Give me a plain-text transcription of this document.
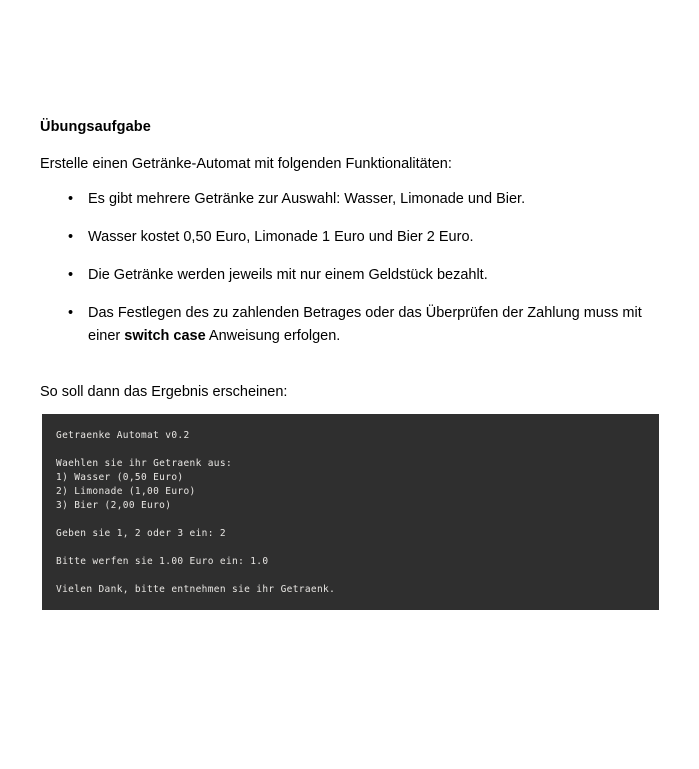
Übungsaufgabe
Erstelle einen Getränke-Automat mit folgenden Funktionalitäten:
• Es gibt mehrere Getränke zur Auswahl: Wasser, Limonade und Bier.
• Wasser kostet 0,50 Euro, Limonade 1 Euro und Bier 2 Euro.
• Die Getränke werden jeweils mit nur einem Geldstück bezahlt.
• Das Festlegen des zu zahlenden Betrages oder das Überprüfen der Zahlung muss mit einer switch case Anweisung erfolgen.
So soll dann das Ergebnis erscheinen:
Getraenke Automat v0.2
Waehlen sie ihr Getraenk aus:
1) Wasser (0,50 Euro)
2) Limonade (1,00 Euro)
3) Bier (2,00 Euro)
Geben sie 1, 2 oder 3 ein: 2
Bitte werfen sie 1.00 Euro ein: 1.0
Vielen Dank, bitte entnehmen sie ihr Getraenk.
